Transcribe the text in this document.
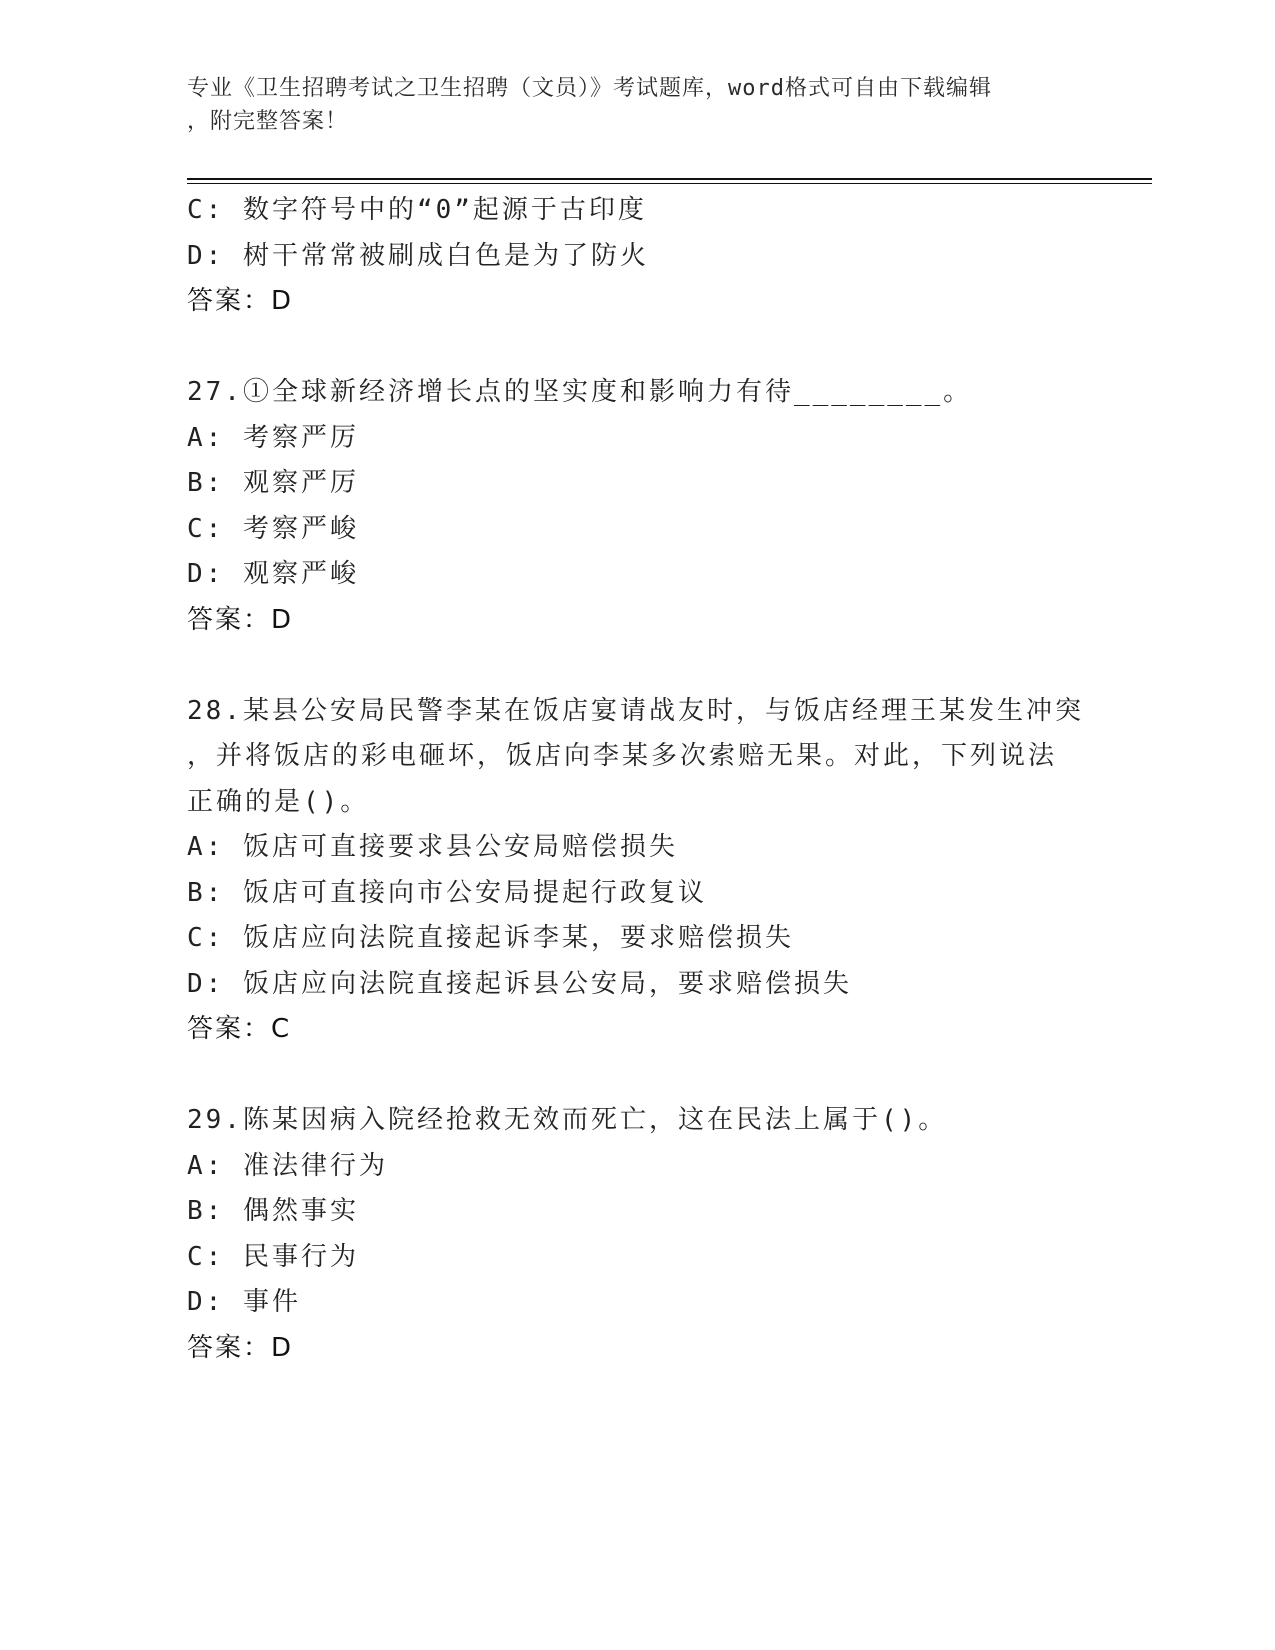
专业《卫生招聘考试之卫生招聘（文员）》考试题库，word格式可自由下载编辑
，附完整答案！
C: 数字符号中的“0”起源于古印度
D: 树干常常被刷成白色是为了防火
答案：D
27.①全球新经济增长点的坚实度和影响力有待________。
A: 考察严厉
B: 观察严厉
C: 考察严峻
D: 观察严峻
答案：D
28.某县公安局民警李某在饭店宴请战友时，与饭店经理王某发生冲突
，并将饭店的彩电砸坏，饭店向李某多次索赔无果。对此，下列说法
正确的是()。
A: 饭店可直接要求县公安局赔偿损失
B: 饭店可直接向市公安局提起行政复议
C: 饭店应向法院直接起诉李某，要求赔偿损失
D: 饭店应向法院直接起诉县公安局，要求赔偿损失
答案：C
29.陈某因病入院经抢救无效而死亡，这在民法上属于()。
A: 准法律行为
B: 偶然事实
C: 民事行为
D: 事件
答案：D
